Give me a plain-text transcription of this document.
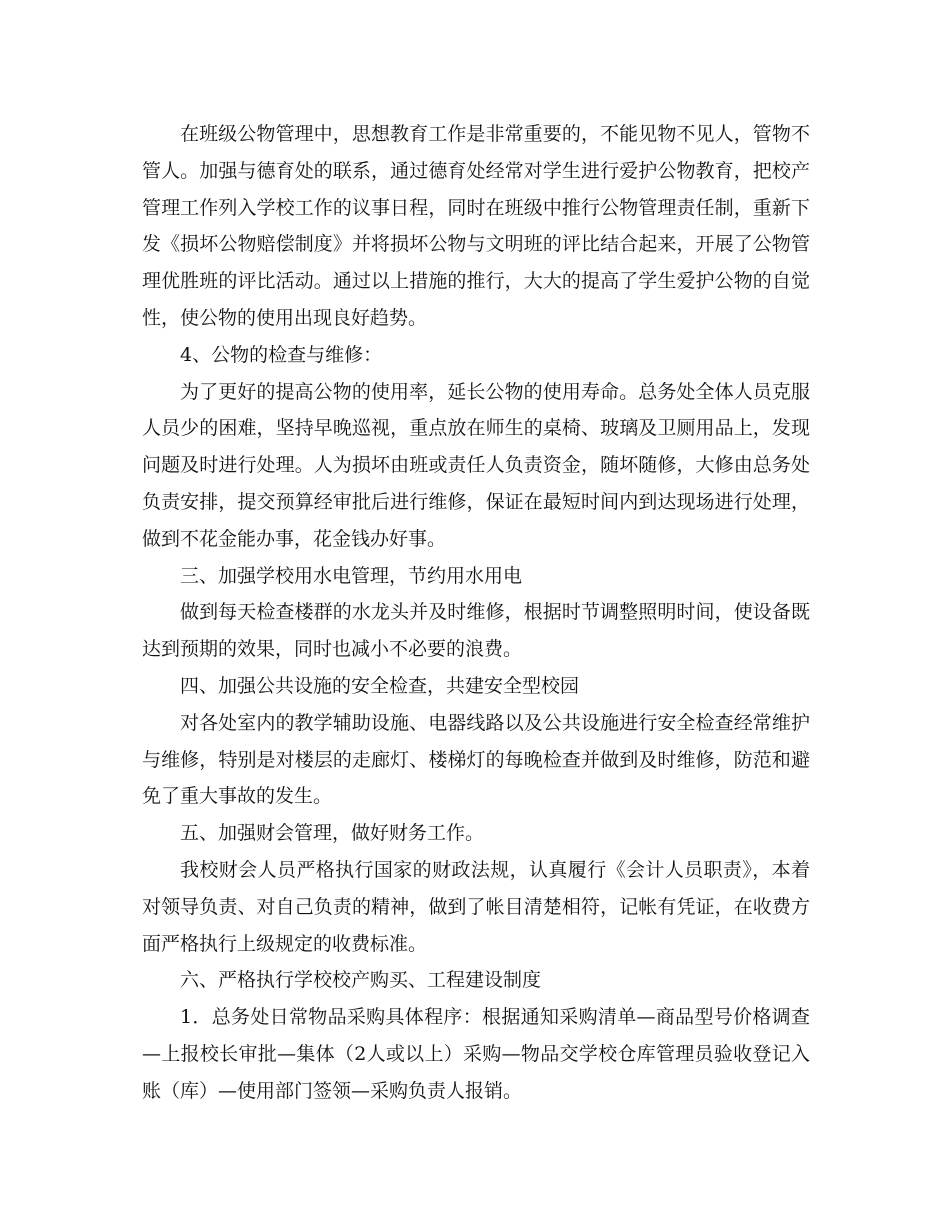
在班级公物管理中，思想教育工作是非常重要的，不能见物不见人，管物不管人。加强与德育处的联系，通过德育处经常对学生进行爱护公物教育，把校产管理工作列入学校工作的议事日程，同时在班级中推行公物管理责任制，重新下发《损坏公物赔偿制度》并将损坏公物与文明班的评比结合起来，开展了公物管理优胜班的评比活动。通过以上措施的推行，大大的提高了学生爱护公物的自觉性，使公物的使用出现良好趋势。

4、公物的检查与维修：

为了更好的提高公物的使用率，延长公物的使用寿命。总务处全体人员克服人员少的困难，坚持早晚巡视，重点放在师生的桌椅、玻璃及卫厕用品上，发现问题及时进行处理。人为损坏由班或责任人负责资金，随坏随修，大修由总务处负责安排，提交预算经审批后进行维修，保证在最短时间内到达现场进行处理，做到不花金能办事，花金钱办好事。

三、加强学校用水电管理，节约用水用电

做到每天检查楼群的水龙头并及时维修，根据时节调整照明时间，使设备既达到预期的效果，同时也减小不必要的浪费。

四、加强公共设施的安全检查，共建安全型校园

对各处室内的教学辅助设施、电器线路以及公共设施进行安全检查经常维护与维修，特别是对楼层的走廊灯、楼梯灯的每晚检查并做到及时维修，防范和避免了重大事故的发生。

五、加强财会管理，做好财务工作。

我校财会人员严格执行国家的财政法规，认真履行《会计人员职责》，本着对领导负责、对自己负责的精神，做到了帐目清楚相符，记帐有凭证，在收费方面严格执行上级规定的收费标准。

六、严格执行学校校产购买、工程建设制度

1．总务处日常物品采购具体程序：根据通知采购清单—商品型号价格调查—上报校长审批—集体（2人或以上）采购—物品交学校仓库管理员验收登记入账（库）—使用部门签领—采购负责人报销。
